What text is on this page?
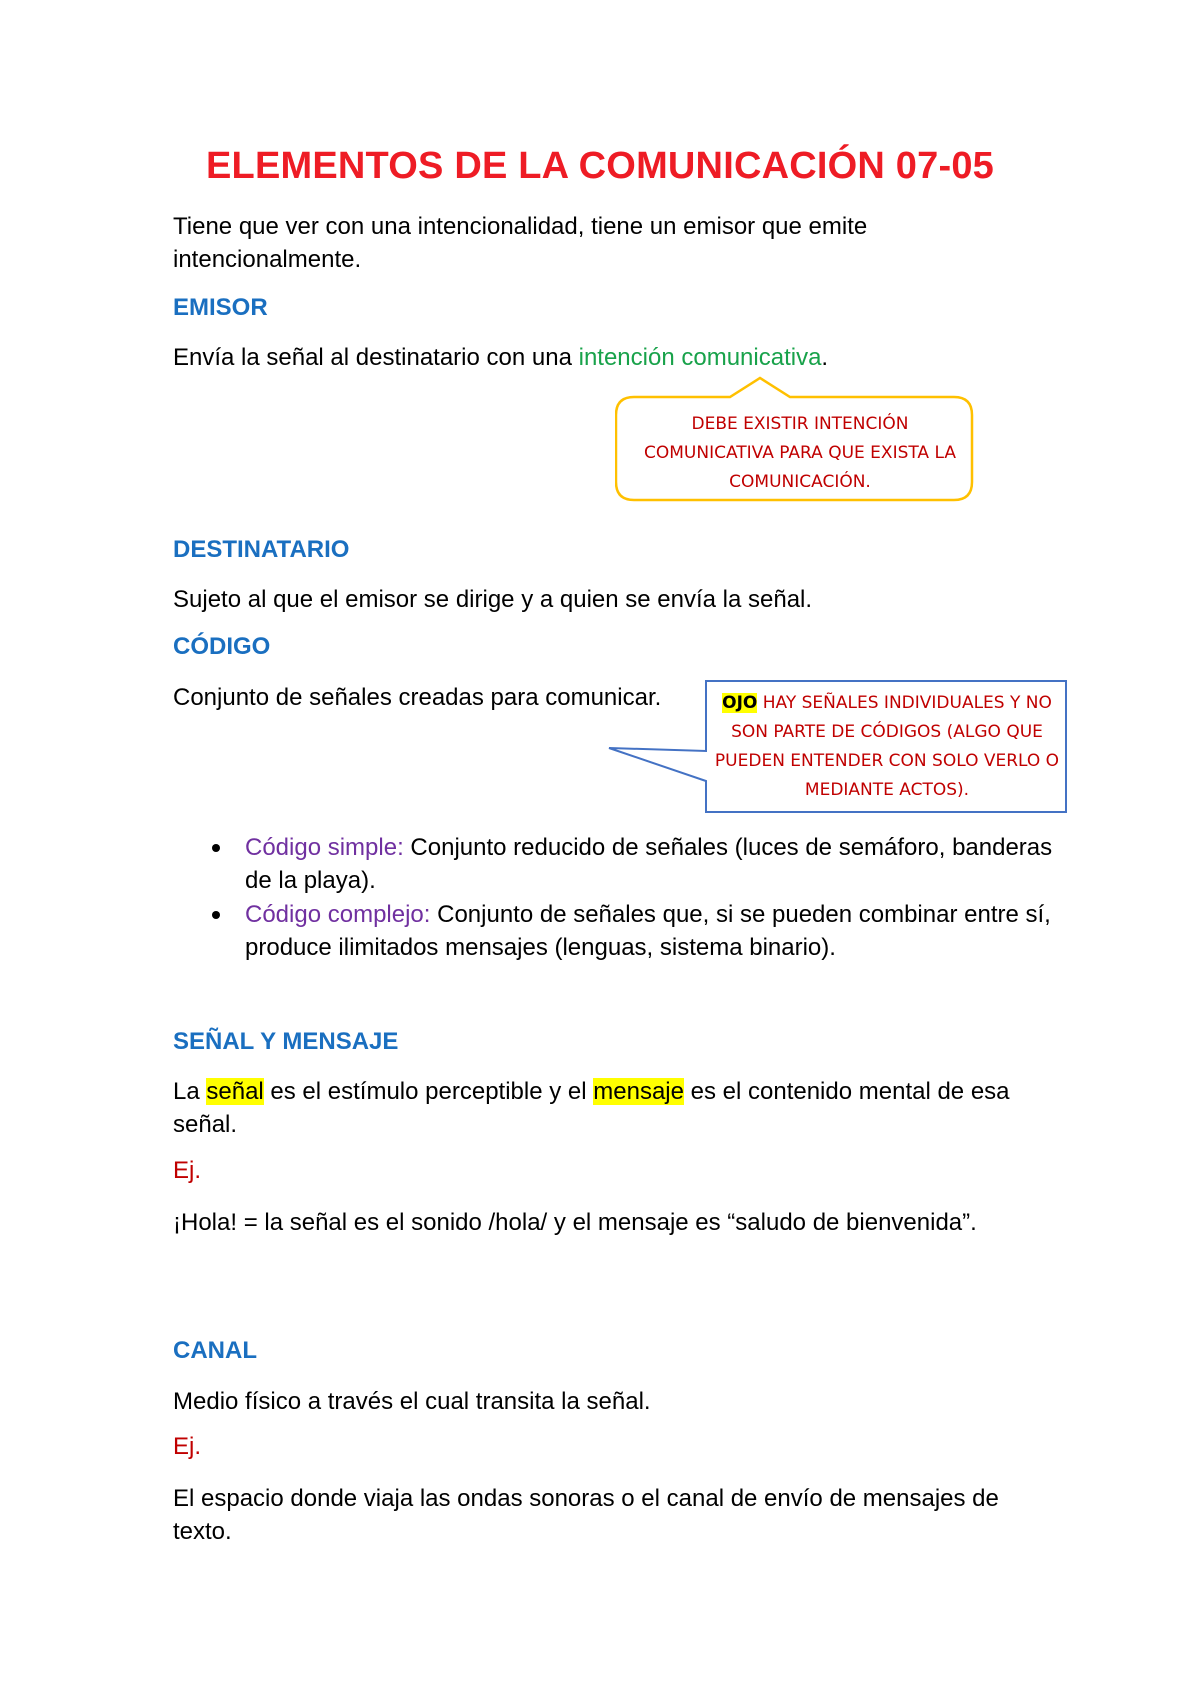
ELEMENTOS DE LA COMUNICACIÓN 07-05

Tiene que ver con una intencionalidad, tiene un emisor que emite intencionalmente.

EMISOR

Envía la señal al destinatario con una intención comunicativa.

DEBE EXISTIR INTENCIÓN COMUNICATIVA PARA QUE EXISTA LA COMUNICACIÓN.
DESTINATARIO

Sujeto al que el emisor se dirige y a quien se envía la señal.

CÓDIGO

Conjunto de señales creadas para comunicar.	OJO HAY SEÑALES INDIVIDUALES Y NO SON PARTE DE CÓDIGOS (ALGO QUE PUEDEN ENTENDER CON SOLO VERLO O MEDIANTE ACTOS).
Código simple: Conjunto reducido de señales (luces de semáforo, banderas de la playa).
Código complejo: Conjunto de señales que, si se pueden combinar entre sí, produce ilimitados mensajes (lenguas, sistema binario).
SEÑAL Y MENSAJE

La señal es el estímulo perceptible y el mensaje es el contenido mental de esa señal.

Ej.

¡Hola! = la señal es el sonido /hola/ y el mensaje es “saludo de bienvenida”.

CANAL

Medio físico a través el cual transita la señal.

Ej.

El espacio donde viaja las ondas sonoras o el canal de envío de mensajes de texto.
